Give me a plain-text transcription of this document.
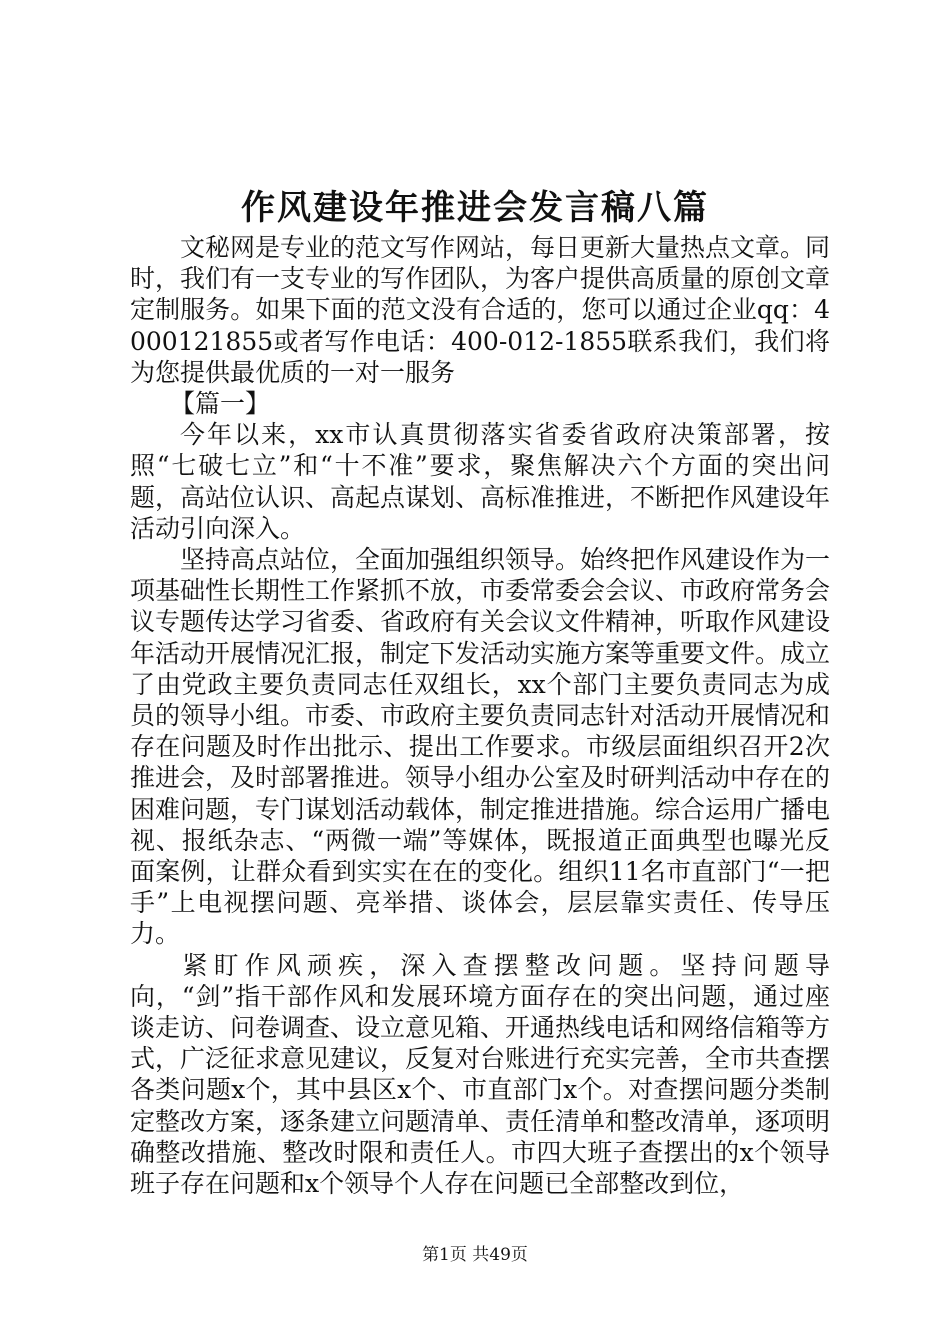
作风建设年推进会发言稿八篇

文秘网是专业的范文写作网站，每日更新大量热点文章。同时，我们有一支专业的写作团队，为客户提供高质量的原创文章定制服务。如果下面的范文没有合适的，您可以通过企业qq：4000121855或者写作电话：400-012-1855联系我们，我们将为您提供最优质的一对一服务

【篇一】

今年以来，xx市认真贯彻落实省委省政府决策部署，按照“七破七立”和“十不准”要求，聚焦解决六个方面的突出问题，高站位认识、高起点谋划、高标准推进，不断把作风建设年活动引向深入。

坚持高点站位，全面加强组织领导。始终把作风建设作为一项基础性长期性工作紧抓不放，市委常委会会议、市政府常务会议专题传达学习省委、省政府有关会议文件精神，听取作风建设年活动开展情况汇报，制定下发活动实施方案等重要文件。成立了由党政主要负责同志任双组长，xx个部门主要负责同志为成员的领导小组。市委、市政府主要负责同志针对活动开展情况和存在问题及时作出批示、提出工作要求。市级层面组织召开2次推进会，及时部署推进。领导小组办公室及时研判活动中存在的困难问题，专门谋划活动载体，制定推进措施。综合运用广播电视、报纸杂志、“两微一端”等媒体，既报道正面典型也曝光反面案例，让群众看到实实在在的变化。组织11名市直部门“一把手”上电视摆问题、亮举措、谈体会，层层靠实责任、传导压力。

紧盯作风顽疾，深入查摆整改问题。坚持问题导向，“剑”指干部作风和发展环境方面存在的突出问题，通过座谈走访、问卷调查、设立意见箱、开通热线电话和网络信箱等方式，广泛征求意见建议，反复对台账进行充实完善，全市共查摆各类问题x个，其中县区x个、市直部门x个。对查摆问题分类制定整改方案，逐条建立问题清单、责任清单和整改清单，逐项明确整改措施、整改时限和责任人。市四大班子查摆出的x个领导班子存在问题和x个领导个人存在问题已全部整改到位，

第1页 共49页
